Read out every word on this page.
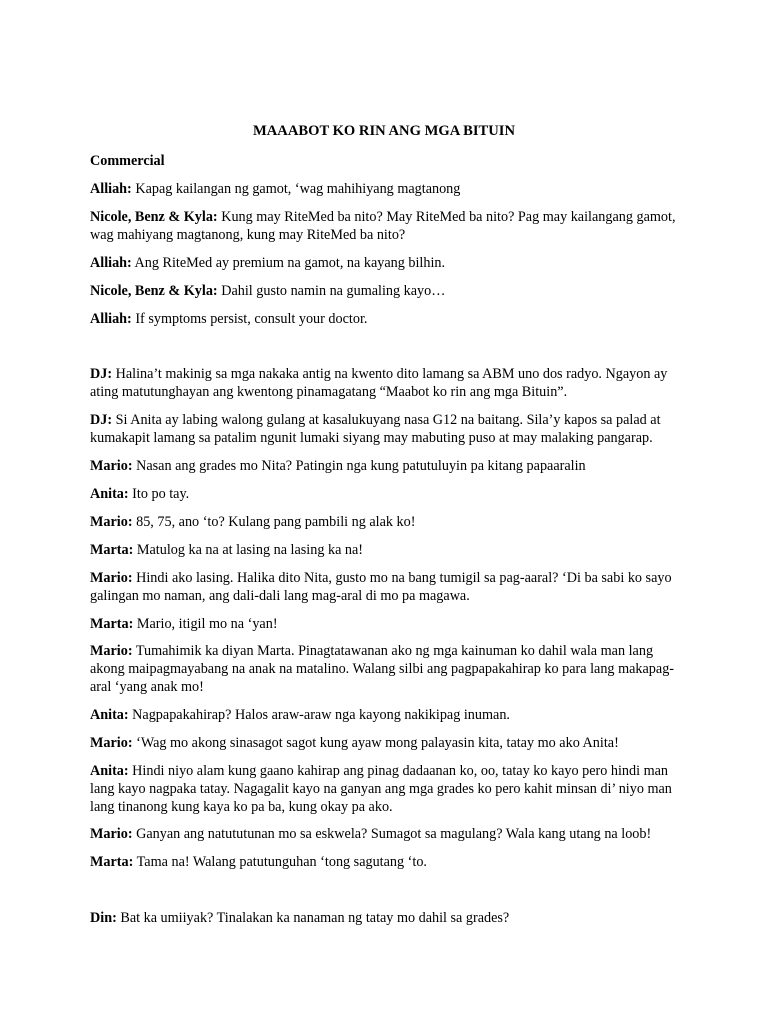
MAAABOT KO RIN ANG MGA BITUIN
Commercial
Alliah: Kapag kailangan ng gamot, ‘wag mahihiyang magtanong
Nicole, Benz & Kyla: Kung may RiteMed ba nito? May RiteMed ba nito? Pag may kailangang gamot, wag mahiyang magtanong, kung may RiteMed ba nito?
Alliah: Ang RiteMed ay premium na gamot, na kayang bilhin.
Nicole, Benz & Kyla: Dahil gusto namin na gumaling kayo…
Alliah: If symptoms persist, consult your doctor.
DJ: Halina’t makinig sa mga nakaka antig na kwento dito lamang sa ABM uno dos radyo. Ngayon ay ating matutunghayan ang kwentong pinamagatang “Maabot ko rin ang mga Bituin”.
DJ: Si Anita ay labing walong gulang at kasalukuyang nasa G12 na baitang. Sila’y kapos sa palad at kumakapit lamang sa patalim ngunit lumaki siyang may mabuting puso at may malaking pangarap.
Mario: Nasan ang grades mo Nita? Patingin nga kung patutuluyin pa kitang papaaralin
Anita: Ito po tay.
Mario: 85, 75, ano ‘to? Kulang pang pambili ng alak ko!
Marta: Matulog ka na at lasing na lasing ka na!
Mario: Hindi ako lasing. Halika dito Nita, gusto mo na bang tumigil sa pag-aaral? ‘Di ba sabi ko sayo galingan mo naman, ang dali-dali lang mag-aral di mo pa magawa.
Marta: Mario, itigil mo na ‘yan!
Mario: Tumahimik ka diyan Marta. Pinagtatawanan ako ng mga kainuman ko dahil wala man lang akong maipagmayabang na anak na matalino. Walang silbi ang pagpapakahirap ko para lang makapag-aral ‘yang anak mo!
Anita: Nagpapakahirap? Halos araw-araw nga kayong nakikipag inuman.
Mario: ‘Wag mo akong sinasagot sagot kung ayaw mong palayasin kita, tatay mo ako Anita!
Anita: Hindi niyo alam kung gaano kahirap ang pinag dadaanan ko, oo, tatay ko kayo pero hindi man lang kayo nagpaka tatay. Nagagalit kayo na ganyan ang mga grades ko pero kahit minsan di’ niyo man lang tinanong kung kaya ko pa ba, kung okay pa ako.
Mario: Ganyan ang natututunan mo sa eskwela? Sumagot sa magulang? Wala kang utang na loob!
Marta: Tama na! Walang patutunguhan ‘tong sagutang ‘to.
Din: Bat ka umiiyak? Tinalakan ka nanaman ng tatay mo dahil sa grades?
